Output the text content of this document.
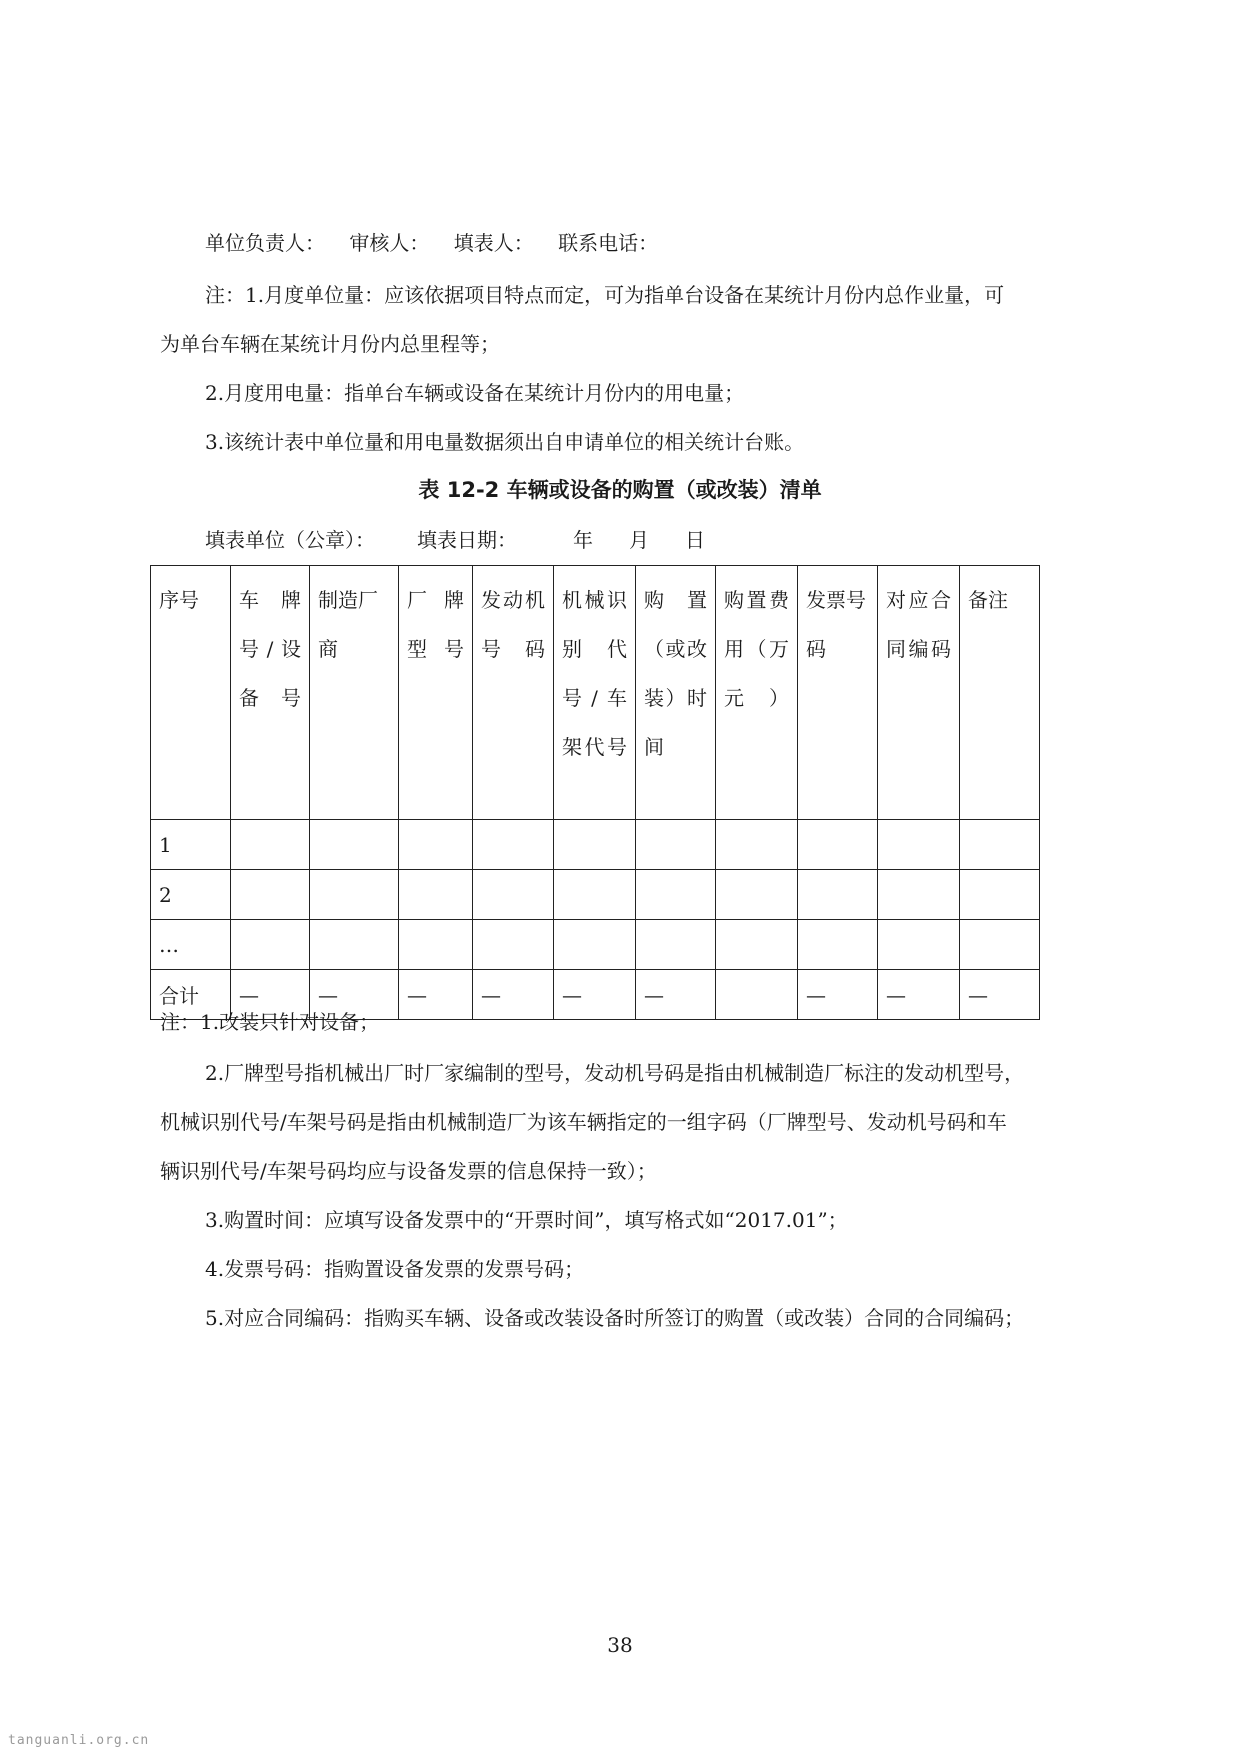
单位负责人： 审核人： 填表人： 联系电话：
注：1.月度单位量：应该依据项目特点而定，可为指单台设备在某统计月份内总作业量，可
为单台车辆在某统计月份内总里程等；
2.月度用电量：指单台车辆或设备在某统计月份内的用电量；
3.该统计表中单位量和用电量数据须出自申请单位的相关统计台账。
表 12-2 车辆或设备的购置（或改装）清单
填表单位（公章）： 填表日期：	年 月 日
序号	车牌号/设备号	制造厂商	厂牌型号	发动机号码	机械识别代号/车架代号	购置（或改装）时间	购置费用（万元）	发票号码	对应合同编码	备注

1										
2										
…										
合计	—	—	—	—	—	—		—	—	—
注：1.改装只针对设备；
2.厂牌型号指机械出厂时厂家编制的型号，发动机号码是指由机械制造厂标注的发动机型号，
机械识别代号/车架号码是指由机械制造厂为该车辆指定的一组字码（厂牌型号、发动机号码和车
辆识别代号/车架号码均应与设备发票的信息保持一致）；
3.购置时间：应填写设备发票中的“开票时间”，填写格式如“2017.01”；
4.发票号码：指购置设备发票的发票号码；
5.对应合同编码：指购买车辆、设备或改装设备时所签订的购置（或改装）合同的合同编码；
38
tanguanli.org.cn
